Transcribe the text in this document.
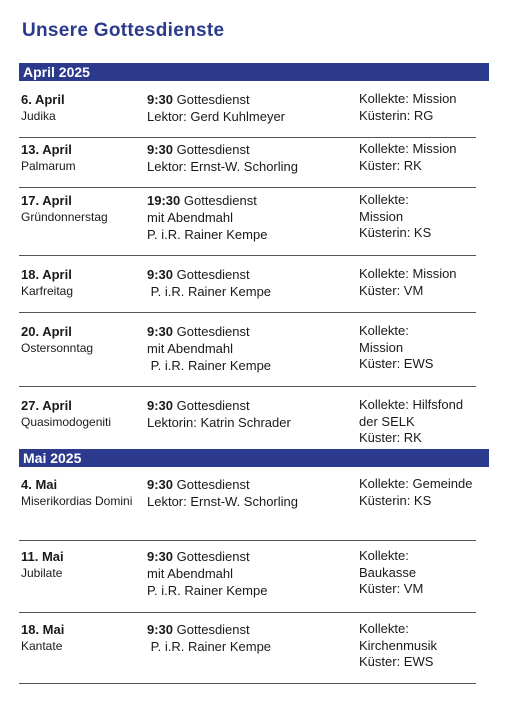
Unsere Gottesdienste
April 2025
6. April
Judika
9:30 Gottesdienst
Lektor: Gerd Kuhlmeyer
Kollekte: Mission
Küsterin: RG
13. April
Palmarum
9:30 Gottesdienst
Lektor: Ernst-W. Schorling
Kollekte: Mission
Küster: RK
17. April
Gründonnerstag
19:30 Gottesdienst
mit Abendmahl
P. i.R. Rainer Kempe
Kollekte:
Mission
Küsterin: KS
18. April
Karfreitag
9:30 Gottesdienst
P. i.R. Rainer Kempe
Kollekte: Mission
Küster: VM
20. April
Ostersonntag
9:30 Gottesdienst
mit Abendmahl
P. i.R. Rainer Kempe
Kollekte:
Mission
Küster: EWS
27. April
Quasimodogeniti
9:30 Gottesdienst
Lektorin: Katrin Schrader
Kollekte: Hilfsfond
der SELK
Küster: RK
Mai 2025
4. Mai
Miserikordias Domini
9:30 Gottesdienst
Lektor: Ernst-W. Schorling
Kollekte: Gemeinde
Küsterin: KS
11. Mai
Jubilate
9:30 Gottesdienst
mit Abendmahl
P. i.R. Rainer Kempe
Kollekte:
Baukasse
Küster: VM
18. Mai
Kantate
9:30 Gottesdienst
P. i.R. Rainer Kempe
Kollekte:
Kirchenmusik
Küster: EWS
